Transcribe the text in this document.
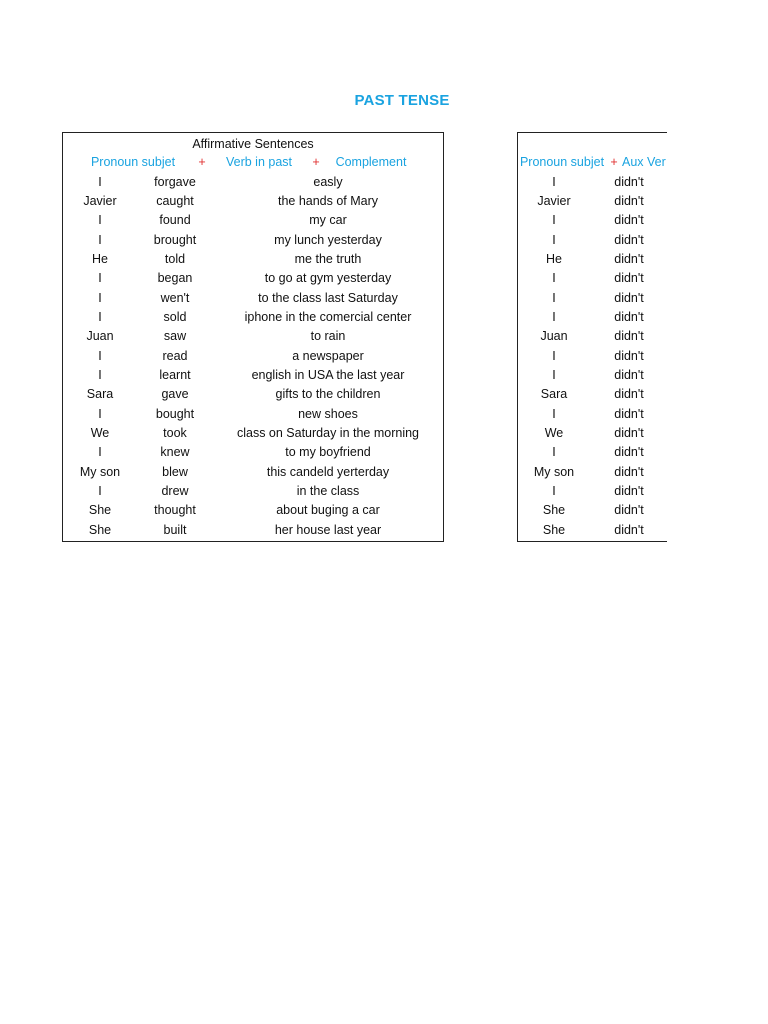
PAST TENSE
Affirmative Sentences
Pronoun subjet	+	Verb in past	+	Complement
I	forgave	easly
Javier	caught	the hands of Mary
I	found	my car
I	brought	my lunch yesterday
He	told	me the truth
I	began	to go at gym yesterday
I	wen't	to the class last Saturday
I	sold	iphone in the comercial center
Juan	saw	to rain
I	read	a newspaper
I	learnt	english in USA the last year
Sara	gave	gifts to the children
I	bought	new shoes
We	took	class on Saturday in the morning
I	knew	to my boyfriend
My son	blew	this candeld yerterday
I	drew	in the class
She	thought	about buging a car
She	built	her house last year
Pronoun subjet + Aux Ver
I	didn't
Javier	didn't
I	didn't
I	didn't
He	didn't
I	didn't
I	didn't
I	didn't
Juan	didn't
I	didn't
I	didn't
Sara	didn't
I	didn't
We	didn't
I	didn't
My son	didn't
I	didn't
She	didn't
She	didn't
